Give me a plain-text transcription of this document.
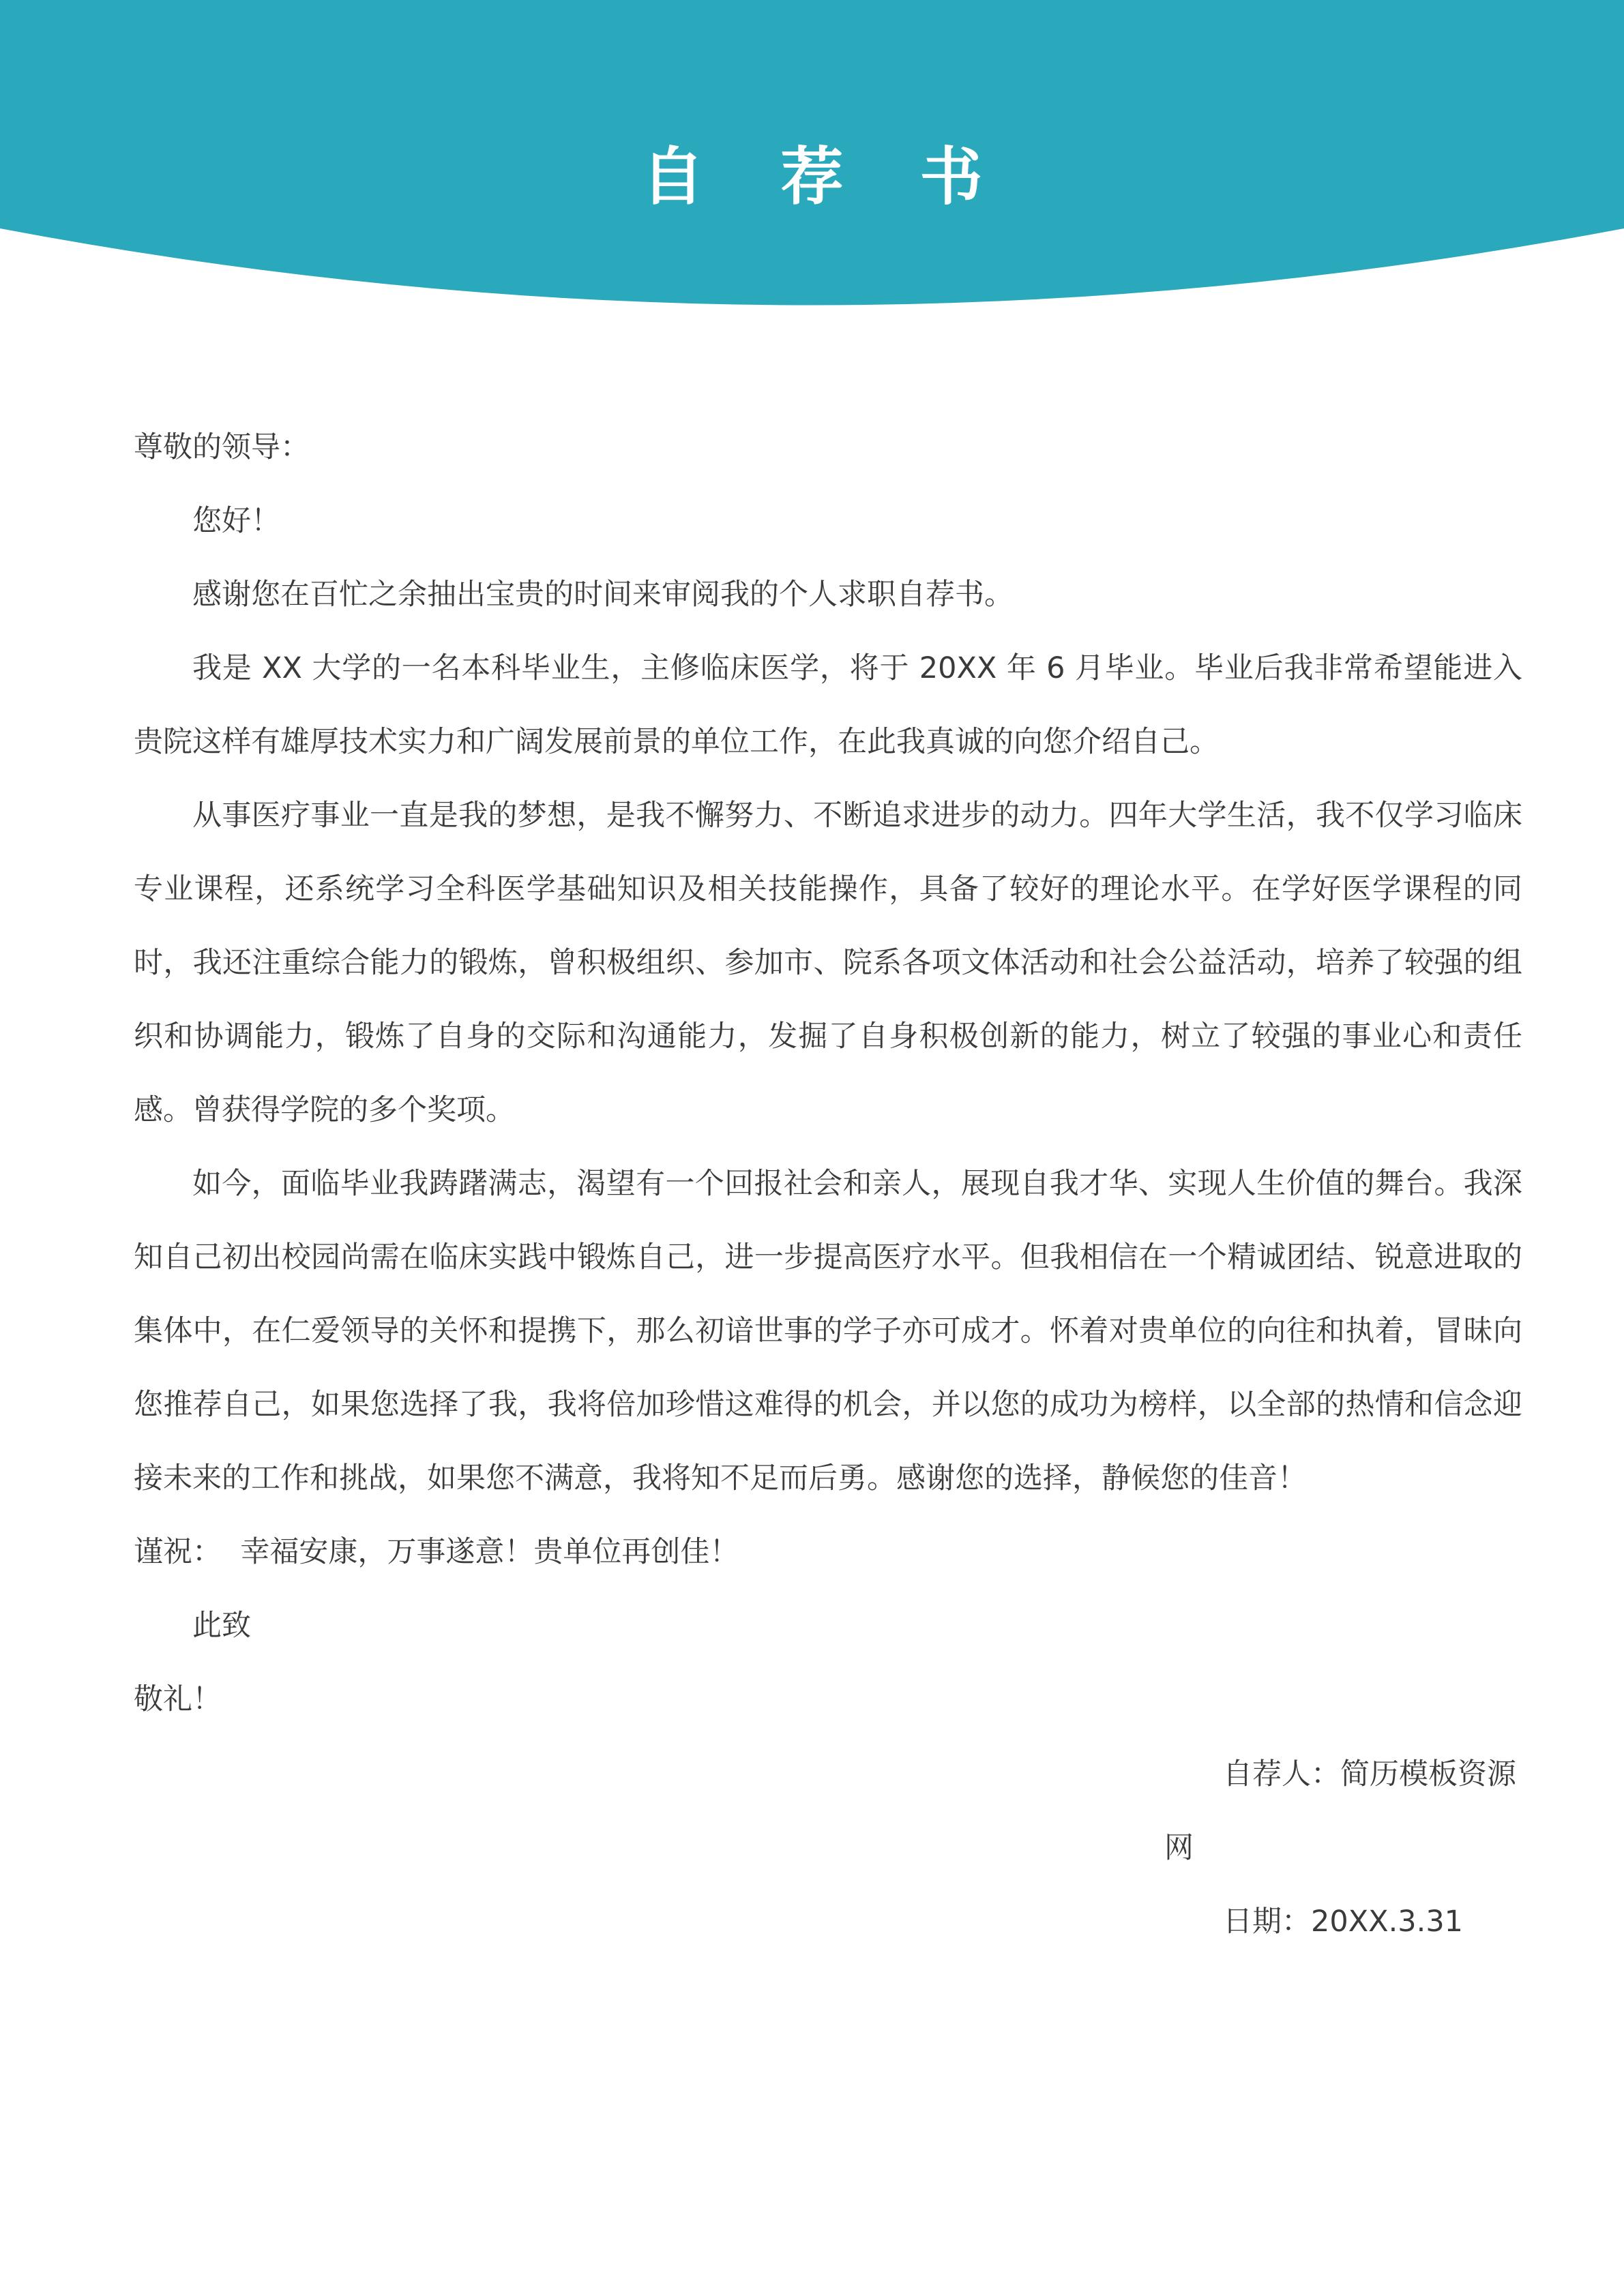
自 荐 书

尊敬的领导：

您好！

感谢您在百忙之余抽出宝贵的时间来审阅我的个人求职自荐书。

我是 XX 大学的一名本科毕业生，主修临床医学，将于 20XX 年 6 月毕业。毕业后我非常希望能进入贵院这样有雄厚技术实力和广阔发展前景的单位工作，在此我真诚的向您介绍自己。

从事医疗事业一直是我的梦想，是我不懈努力、不断追求进步的动力。四年大学生活，我不仅学习临床专业课程，还系统学习全科医学基础知识及相关技能操作，具备了较好的理论水平。在学好医学课程的同时，我还注重综合能力的锻炼，曾积极组织、参加市、院系各项文体活动和社会公益活动，培养了较强的组织和协调能力，锻炼了自身的交际和沟通能力，发掘了自身积极创新的能力，树立了较强的事业心和责任感。曾获得学院的多个奖项。

如今，面临毕业我踌躇满志，渴望有一个回报社会和亲人，展现自我才华、实现人生价值的舞台。我深知自己初出校园尚需在临床实践中锻炼自己，进一步提高医疗水平。但我相信在一个精诚团结、锐意进取的集体中，在仁爱领导的关怀和提携下，那么初谙世事的学子亦可成才。怀着对贵单位的向往和执着，冒昧向您推荐自己，如果您选择了我，我将倍加珍惜这难得的机会，并以您的成功为榜样，以全部的热情和信念迎接未来的工作和挑战，如果您不满意，我将知不足而后勇。感谢您的选择，静候您的佳音！

谨祝：  幸福安康，万事遂意！贵单位再创佳！

此致

敬礼！

自荐人：简历模板资源
网
日期：20XX.3.31
